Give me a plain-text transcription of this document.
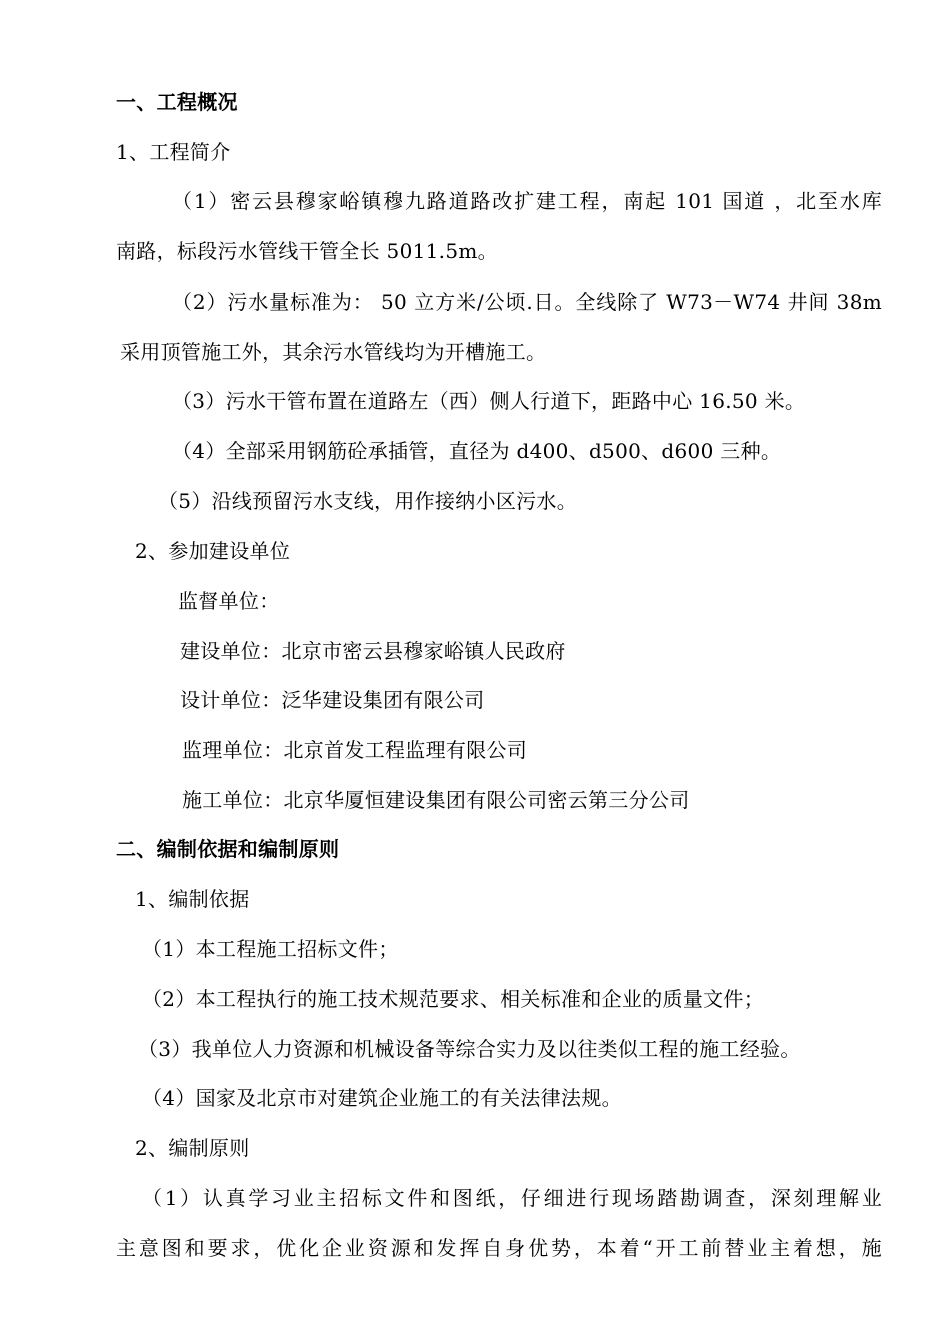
一、工程概况
1、工程简介
（1）密云县穆家峪镇穆九路道路改扩建工程，南起 101 国道 ，北至水库
南路，标段污水管线干管全长 5011.5m。
（2）污水量标准为： 50 立方米/公顷.日。全线除了 W73－W74 井间 38m
采用顶管施工外，其余污水管线均为开槽施工。
（3）污水干管布置在道路左（西）侧人行道下，距路中心 16.50 米。
（4）全部采用钢筋砼承插管，直径为 d400、d500、d600 三种。
（5）沿线预留污水支线，用作接纳小区污水。
2、参加建设单位
监督单位：
建设单位：北京市密云县穆家峪镇人民政府
设计单位：泛华建设集团有限公司
监理单位：北京首发工程监理有限公司
施工单位：北京华厦恒建设集团有限公司密云第三分公司
二、编制依据和编制原则
1、编制依据
（1）本工程施工招标文件；
（2）本工程执行的施工技术规范要求、相关标准和企业的质量文件；
（3）我单位人力资源和机械设备等综合实力及以往类似工程的施工经验。
（4）国家及北京市对建筑企业施工的有关法律法规。
2、编制原则
（1）认真学习业主招标文件和图纸，仔细进行现场踏勘调查，深刻理解业
主意图和要求，优化企业资源和发挥自身优势，本着“开工前替业主着想，施
